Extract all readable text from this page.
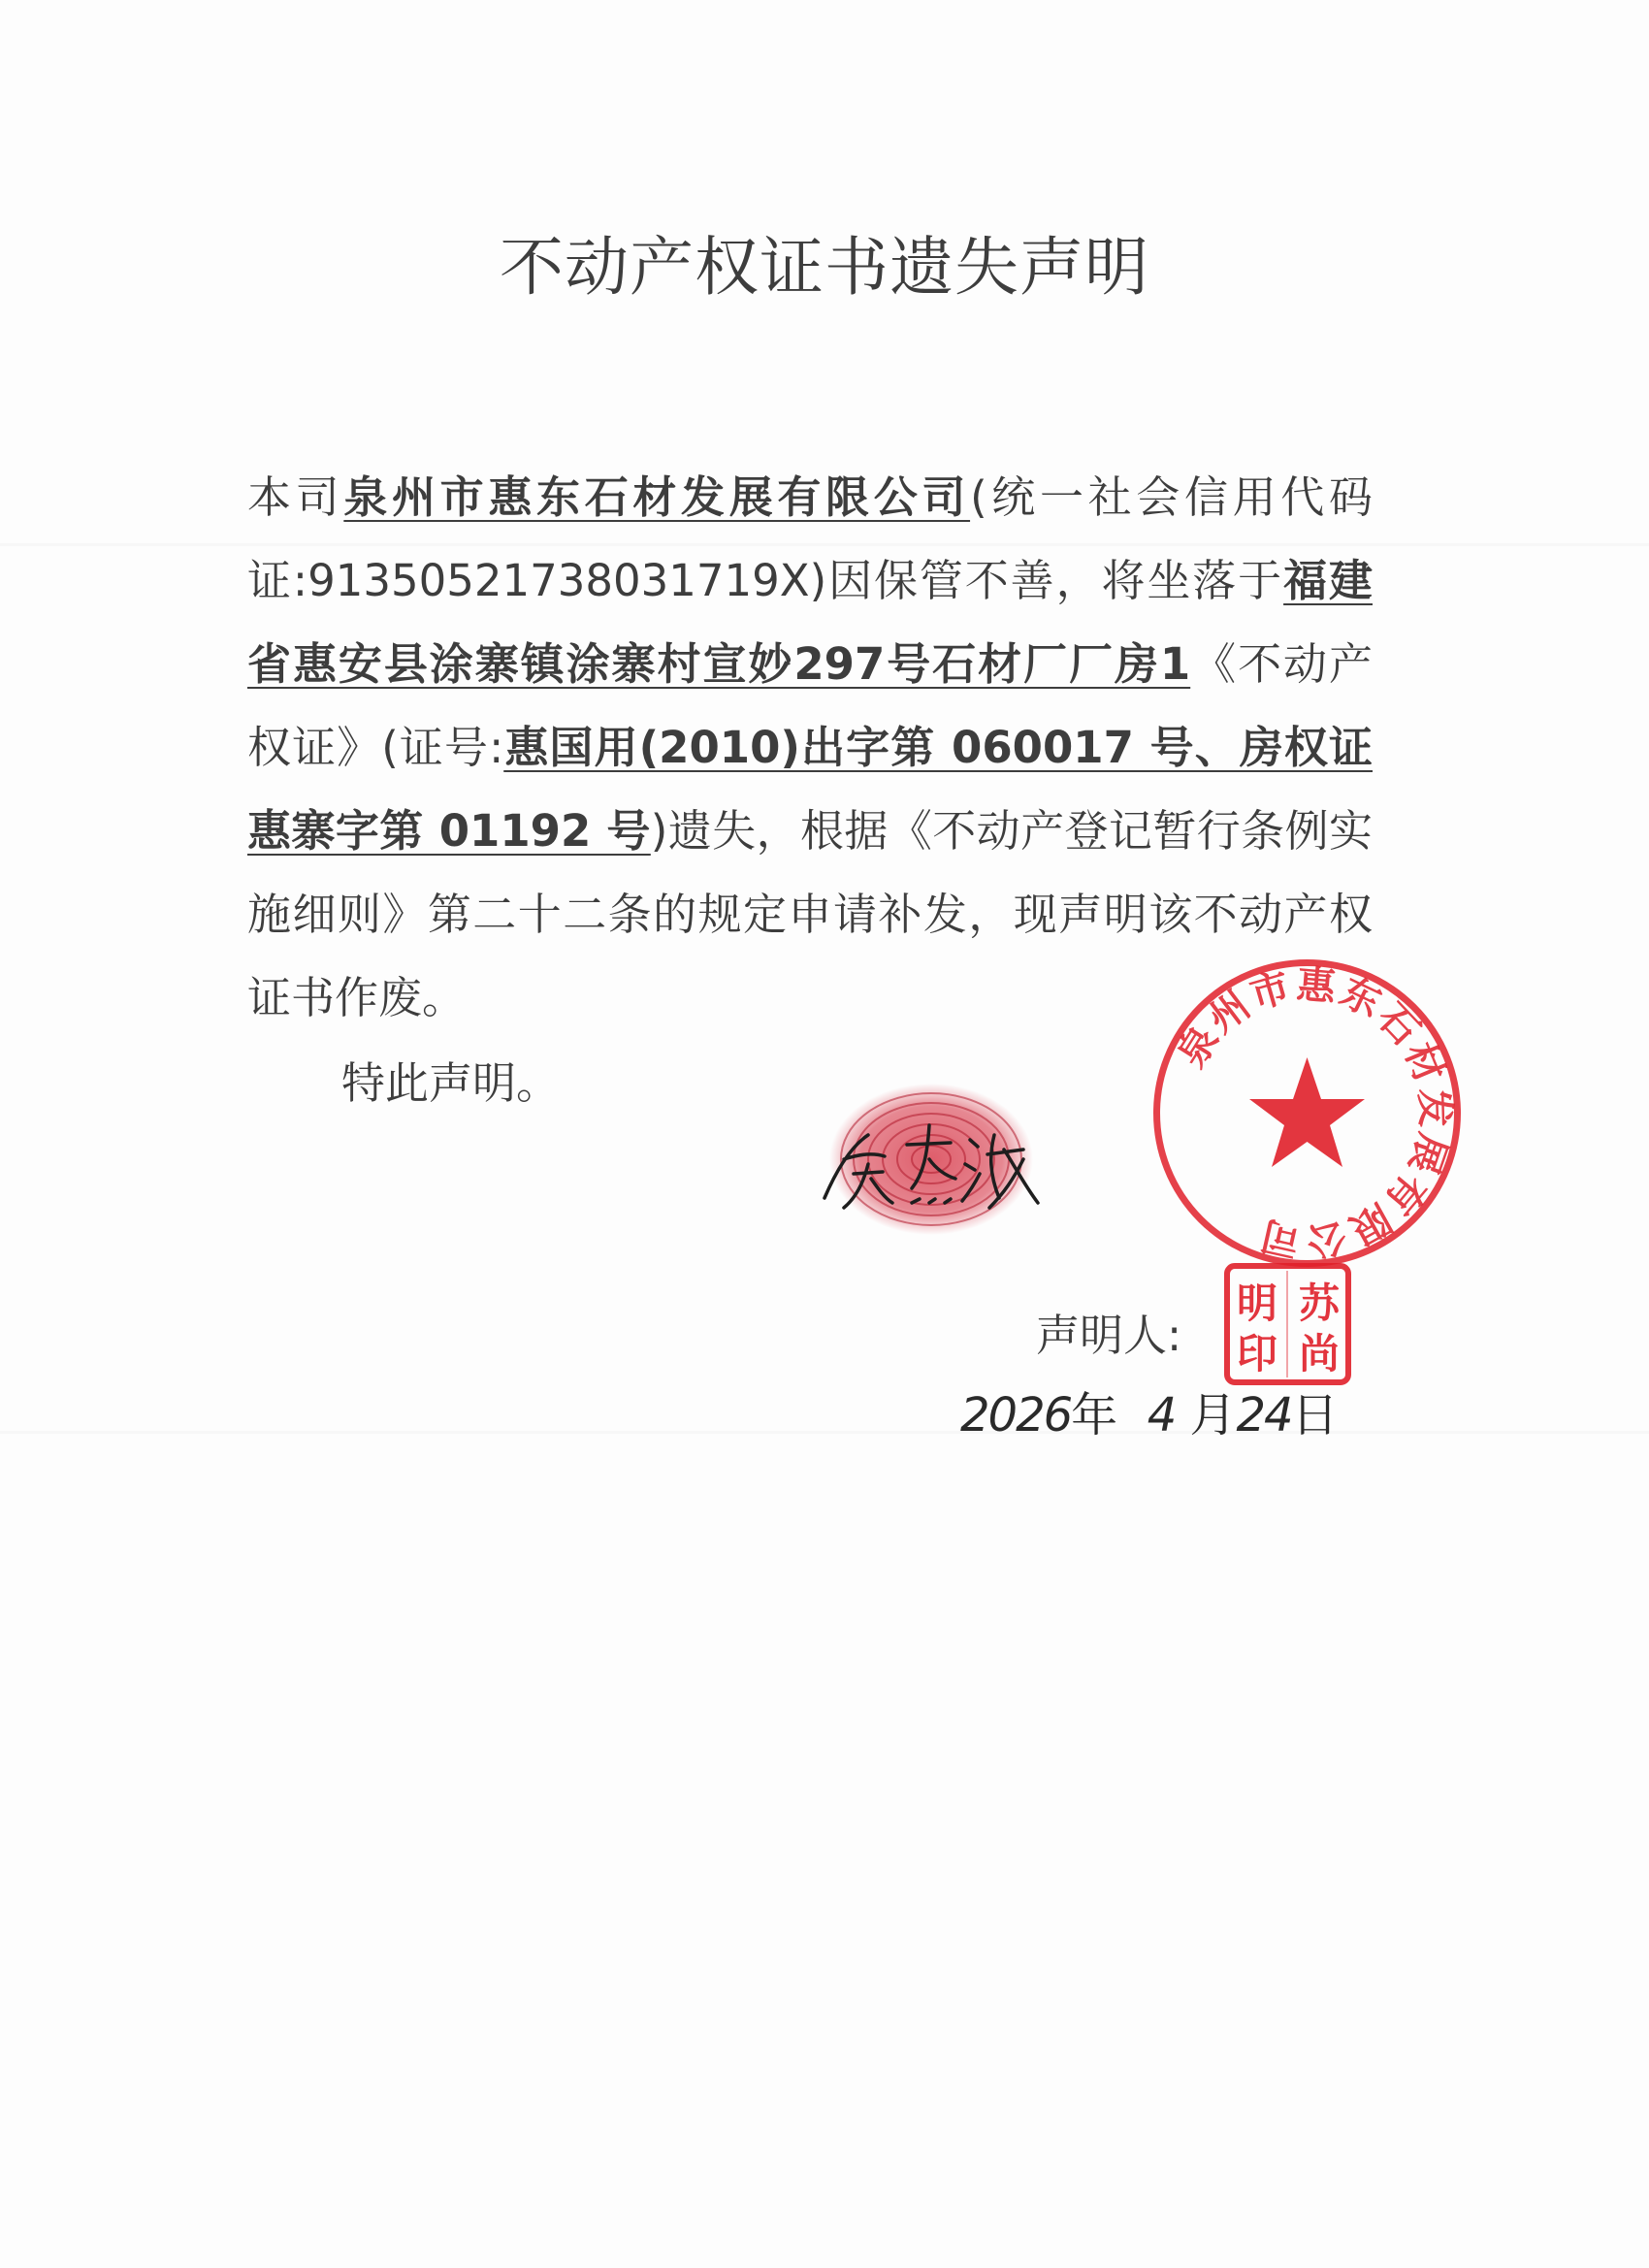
不动产权证书遗失声明
本司泉州市惠东石材发展有限公司(统一社会信用代码证:91350521738031719X)因保管不善，将坐落于福建省惠安县涂寨镇涂寨村宣妙297号石材厂厂房1《不动产权证》(证号:惠国用(2010)出字第 060017 号、房权证惠寨字第 01192 号)遗失，根据《不动产登记暂行条例实施细则》第二十二条的规定申请补发，现声明该不动产权证书作废。
特此声明。
泉州市惠东石材发展有限公司
苏
尚
明
印
声明人:
2026年 4 月24日
